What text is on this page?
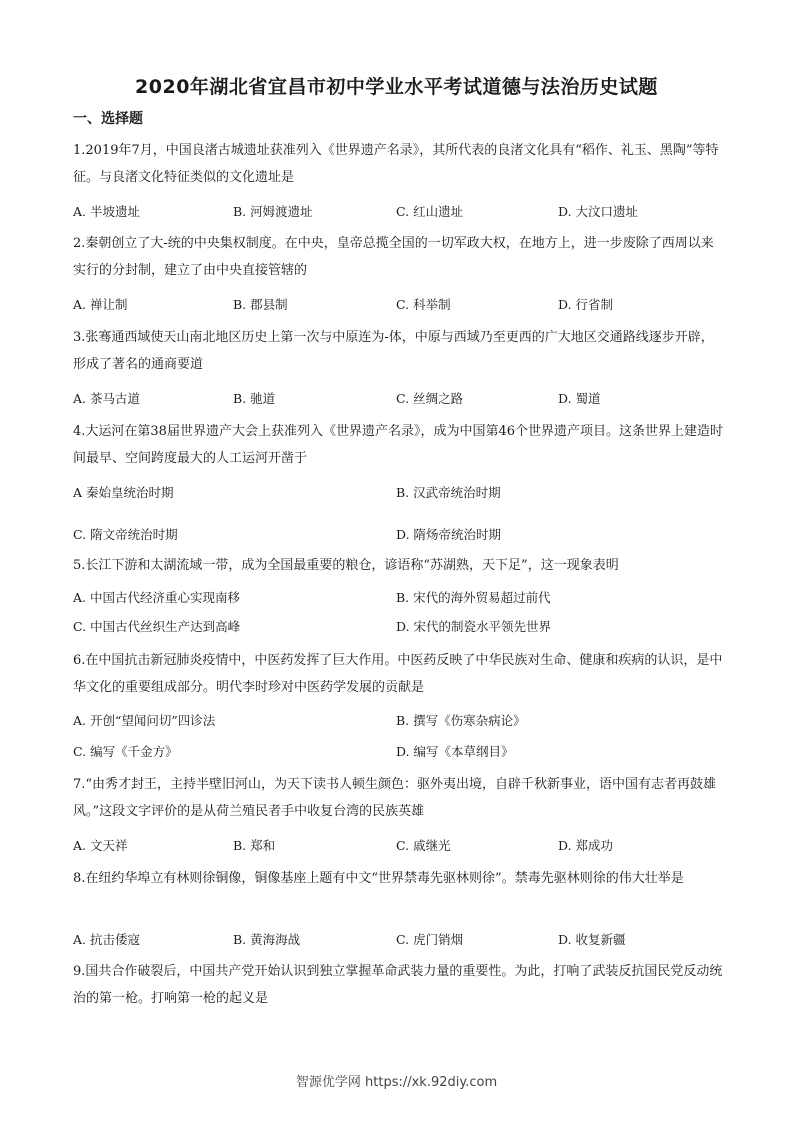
2020年湖北省宜昌市初中学业水平考试道德与法治历史试题
一、选择题
1.2019年7月，中国良渚古城遗址获准列入《世界遗产名录》，其所代表的良渚文化具有“稻作、礼玉、黑陶”等特征。与良渚文化特征类似的文化遗址是
A. 半坡遗址	B. 河姆渡遗址	C. 红山遗址	D. 大汶口遗址
2.秦朝创立了大-统的中央集权制度。在中央，皇帝总揽全国的一切军政大权，在地方上，进一步废除了西周以来实行的分封制，建立了由中央直接管辖的
A. 禅让制	B. 郡县制	C. 科举制	D. 行省制
3.张骞通西域使天山南北地区历史上第一次与中原连为-体，中原与西域乃至更西的广大地区交通路线逐步开辟，形成了著名的通商要道
A. 茶马古道	B. 驰道	C. 丝绸之路	D. 蜀道
4.大运河在第38届世界遗产大会上获准列入《世界遗产名录》，成为中国第46个世界遗产项目。这条世界上建造时间最早、空间跨度最大的人工运河开凿于
A 秦始皇统治时期	B. 汉武帝统治时期
C. 隋文帝统治时期	D. 隋炀帝统治时期
5.长江下游和太湖流域一带，成为全国最重要的粮仓，谚语称“苏湖熟，天下足”，这一现象表明
A. 中国古代经济重心实现南移	B. 宋代的海外贸易超过前代
C. 中国古代丝织生产达到高峰	D. 宋代的制瓷水平领先世界
6.在中国抗击新冠肺炎疫情中，中医药发挥了巨大作用。中医药反映了中华民族对生命、健康和疾病的认识，是中华文化的重要组成部分。明代李时珍对中医药学发展的贡献是
A. 开创“望闻问切”四诊法	B. 撰写《伤寒杂病论》
C. 编写《千金方》	D. 编写《本草纲目》
7.“由秀才封王，主持半壁旧河山，为天下读书人顿生颜色：驱外夷出境，自辟千秋新事业，语中国有志者再鼓雄风。”这段文字评价的是从荷兰殖民者手中收复台湾的民族英雄
A. 文天祥	B. 郑和	C. 戚继光	D. 郑成功
8.在纽约华埠立有林则徐铜像，铜像基座上题有中文“世界禁毒先驱林则徐”。禁毒先驱林则徐的伟大壮举是
A. 抗击倭寇	B. 黄海海战	C. 虎门销烟	D. 收复新疆
9.国共合作破裂后，中国共产党开始认识到独立掌握革命武装力量的重要性。为此，打响了武装反抗国民党反动统治的第一枪。打响第一枪的起义是
智源优学网 https://xk.92diy.com
